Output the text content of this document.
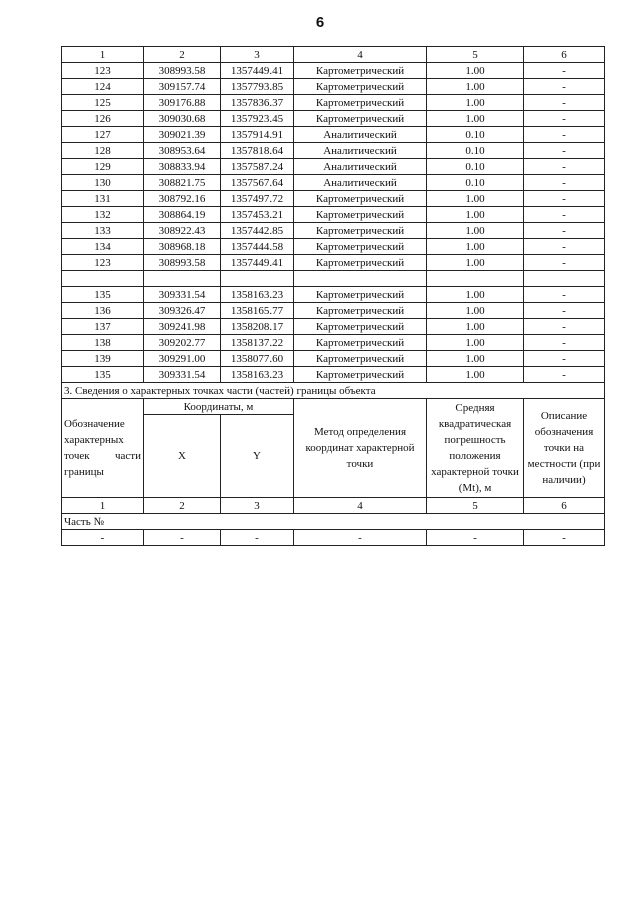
6
1	2	3	4	5	6
123	308993.58	1357449.41	Картометрический	1.00	-
124	309157.74	1357793.85	Картометрический	1.00	-
125	309176.88	1357836.37	Картометрический	1.00	-
126	309030.68	1357923.45	Картометрический	1.00	-
127	309021.39	1357914.91	Аналитический	0.10	-
128	308953.64	1357818.64	Аналитический	0.10	-
129	308833.94	1357587.24	Аналитический	0.10	-
130	308821.75	1357567.64	Аналитический	0.10	-
131	308792.16	1357497.72	Картометрический	1.00	-
132	308864.19	1357453.21	Картометрический	1.00	-
133	308922.43	1357442.85	Картометрический	1.00	-
134	308968.18	1357444.58	Картометрический	1.00	-
123	308993.58	1357449.41	Картометрический	1.00	-

135	309331.54	1358163.23	Картометрический	1.00	-
136	309326.47	1358165.77	Картометрический	1.00	-
137	309241.98	1358208.17	Картометрический	1.00	-
138	309202.77	1358137.22	Картометрический	1.00	-
139	309291.00	1358077.60	Картометрический	1.00	-
135	309331.54	1358163.23	Картометрический	1.00	-
3. Сведения о характерных точках части (частей) границы объекта					
Обозначение характерных точек части границы	Координаты, м		Метод определения координат характерной точки	Средняя квадратическая погрешность положения характерной точки (Mt), м	Описание обозначения точки на местности (при наличии)
	X	Y			
1	2	3	4	5	6
Часть №					
-	-	-	-	-	-
